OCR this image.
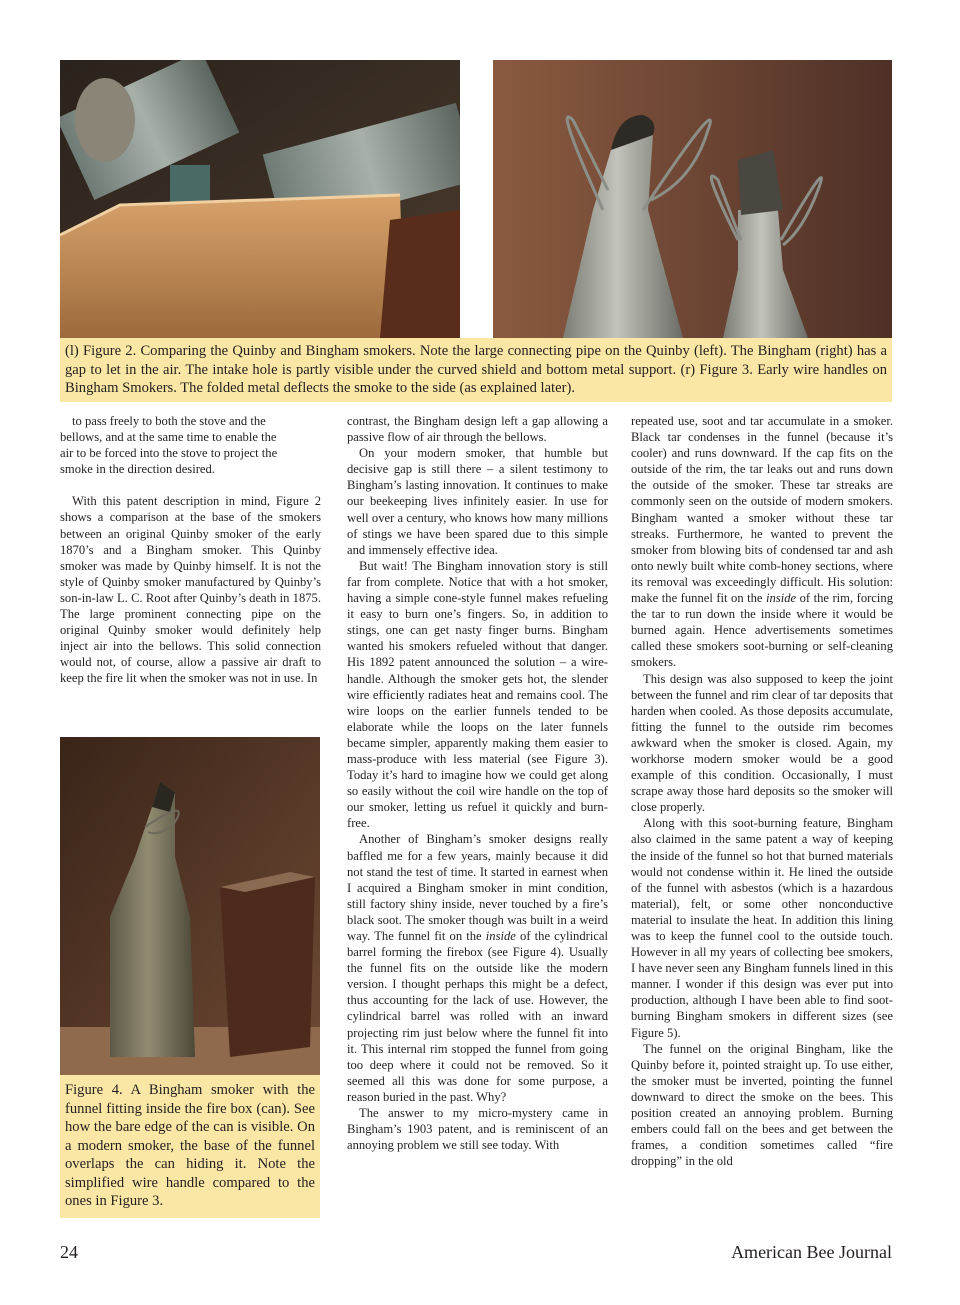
(l) Figure 2. Comparing the Quinby and Bingham smokers. Note the large connecting pipe on the Quinby (left). The Bingham (right) has a gap to let in the air. The intake hole is partly visible under the curved shield and bottom metal support. (r) Figure 3. Early wire handles on Bingham Smokers. The folded metal deflects the smoke to the side (as explained later).
Figure 4. A Bingham smoker with the funnel fitting inside the fire box (can). See how the bare edge of the can is visible. On a modern smoker, the base of the funnel overlaps the can hiding it. Note the simplified wire handle compared to the ones in Figure 3.

to pass freely to both the stove and the bellows, and at the same time to enable the air to be forced into the stove to project the smoke in the direction desired.

With this patent description in mind, Figure 2 shows a comparison at the base of the smokers between an original Quinby smoker of the early 1870’s and a Bingham smoker. This Quinby smoker was made by Quinby himself. It is not the style of Quinby smoker manufactured by Quinby’s son-in-law L. C. Root after Quinby’s death in 1875. The large prominent connecting pipe on the original Quinby smoker would definitely help inject air into the bellows. This solid connection would not, of course, allow a passive air draft to keep the fire lit when the smoker was not in use. In

contrast, the Bingham design left a gap allowing a passive flow of air through the bellows.

On your modern smoker, that humble but decisive gap is still there – a silent testimony to Bingham’s lasting innovation. It continues to make our beekeeping lives infinitely easier. In use for well over a century, who knows how many millions of stings we have been spared due to this simple and immensely effective idea.

But wait! The Bingham innovation story is still far from complete. Notice that with a hot smoker, having a simple cone-style funnel makes refueling it easy to burn one’s fingers. So, in addition to stings, one can get nasty finger burns. Bingham wanted his smokers refueled without that danger. His 1892 patent announced the solution – a wire-handle. Although the smoker gets hot, the slender wire efficiently radiates heat and remains cool. The wire loops on the earlier funnels tended to be elaborate while the loops on the later funnels became simpler, apparently making them easier to mass-produce with less material (see Figure 3). Today it’s hard to imagine how we could get along so easily without the coil wire handle on the top of our smoker, letting us refuel it quickly and burn-free.

Another of Bingham’s smoker designs really baffled me for a few years, mainly because it did not stand the test of time. It started in earnest when I acquired a Bingham smoker in mint condition, still factory shiny inside, never touched by a fire’s black soot. The smoker though was built in a weird way. The funnel fit on the inside of the cylindrical barrel forming the firebox (see Figure 4). Usually the funnel fits on the outside like the modern version. I thought perhaps this might be a defect, thus accounting for the lack of use. However, the cylindrical barrel was rolled with an inward projecting rim just below where the funnel fit into it. This internal rim stopped the funnel from going too deep where it could not be removed. So it seemed all this was done for some purpose, a reason buried in the past. Why?

The answer to my micro-mystery came in Bingham’s 1903 patent, and is reminiscent of an annoying problem we still see today. With

repeated use, soot and tar accumulate in a smoker. Black tar condenses in the funnel (because it’s cooler) and runs downward. If the cap fits on the outside of the rim, the tar leaks out and runs down the outside of the smoker. These tar streaks are commonly seen on the outside of modern smokers. Bingham wanted a smoker without these tar streaks. Furthermore, he wanted to prevent the smoker from blowing bits of condensed tar and ash onto newly built white comb-honey sections, where its removal was exceedingly difficult. His solution: make the funnel fit on the inside of the rim, forcing the tar to run down the inside where it would be burned again. Hence advertisements sometimes called these smokers soot-burning or self-cleaning smokers.

This design was also supposed to keep the joint between the funnel and rim clear of tar deposits that harden when cooled. As those deposits accumulate, fitting the funnel to the outside rim becomes awkward when the smoker is closed. Again, my workhorse modern smoker would be a good example of this condition. Occasionally, I must scrape away those hard deposits so the smoker will close properly.

Along with this soot-burning feature, Bingham also claimed in the same patent a way of keeping the inside of the funnel so hot that burned materials would not condense within it. He lined the outside of the funnel with asbestos (which is a hazardous material), felt, or some other nonconductive material to insulate the heat. In addition this lining was to keep the funnel cool to the outside touch. However in all my years of collecting bee smokers, I have never seen any Bingham funnels lined in this manner. I wonder if this design was ever put into production, although I have been able to find soot-burning Bingham smokers in different sizes (see Figure 5).

The funnel on the original Bingham, like the Quinby before it, pointed straight up. To use either, the smoker must be inverted, pointing the funnel downward to direct the smoke on the bees. This position created an annoying problem. Burning embers could fall on the bees and get between the frames, a condition sometimes called “fire dropping” in the old

24	American Bee Journal
